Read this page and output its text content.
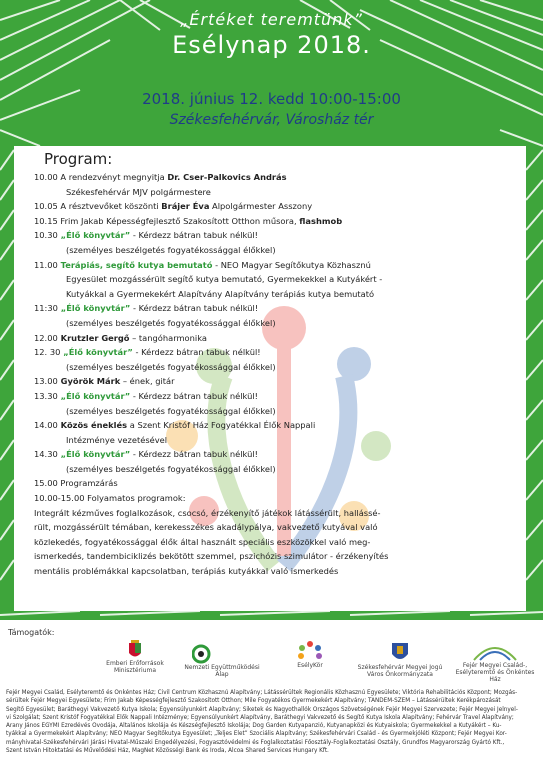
„Értéket teremtünk”
Esélynap 2018.
2018. június 12. kedd 10:00-15:00
Székesfehérvár, Városház tér
Program:
10.00 A rendezvényt megnyitja Dr. Cser-Palkovics András
Székesfehérvár MJV polgármestere
10.05 A résztvevőket köszönti Brájer Éva Alpolgármester Asszony
10.15 Frim Jakab Képességfejlesztő Szakosított Otthon műsora, flashmob
10.30 „Élő könyvtár” - Kérdezz bátran tabuk nélkül!
(személyes beszélgetés fogyatékossággal élőkkel)
11.00 Terápiás, segítő kutya bemutató - NEO Magyar Segítőkutya Közhasznú
Egyesület mozgássérült segítő kutya bemutató, Gyermekekkel a Kutyákért -
Kutyákkal a Gyermekekért Alapítvány Alapítvány terápiás kutya bemutató
11:30 „Élő könyvtár” - Kérdezz bátran tabuk nélkül!
(személyes beszélgetés fogyatékossággal élőkkel)
12.00 Krutzler Gergő – tangóharmonika
12. 30 „Élő könyvtár” - Kérdezz bátran tabuk nélkül!
(személyes beszélgetés fogyatékossággal élőkkel)
13.00 Györök Márk – ének, gitár
13.30 „Élő könyvtár” - Kérdezz bátran tabuk nélkül!
(személyes beszélgetés fogyatékossággal élőkkel)
14.00 Közös éneklés a Szent Kristóf Ház Fogyatékkal Élők Nappali
Intézménye vezetésével
14.30 „Élő könyvtár” - Kérdezz bátran tabuk nélkül!
(személyes beszélgetés fogyatékossággal élőkkel)
15.00 Programzárás
10.00-15.00 Folyamatos programok:
Integrált kézműves foglalkozások, csocsó, érzékenyítő játékok látássérült, hallássé-
rült, mozgássérült témában, kerekesszékes akadálypálya, vakvezető kutyával való
közlekedés, fogyatékossággal élők által használt speciális eszközökkel való meg-
ismerkedés, tandembiciklizés bekötött szemmel, pszichózis szimulátor - érzékenyítés
mentális problémákkal kapcsolatban, terápiás kutyákkal való ismerkedés
Támogatók:
Emberi Erőforrások Minisztériuma	Nemzeti Együttműködési Alap
EsélyKör	Székesfehérvár Megyei Jogú Város Önkormányzata
Fejér Megyei Család-, Esélyteremtő és Önkéntes Ház
Fejér Megyei Család, Esélyteremtő és Önkéntes Ház; Civil Centrum Közhasznú Alapítvány; Látássérültek Regionális Közhasznú Egyesülete; Viktória Rehabilitációs Központ; Mozgás-
sérültek Fejér Megyei Egyesülete; Frim Jakab Képességfejlesztő Szakosított Otthon; Mile Fogyatékos Gyermekekért Alapítvány; TANDEM-SZEM – Látássérültek Kerékpározását
Segítő Egyesület; Baráthegyi Vakvezető Kutya Iskola; Egyensúlyunkért Alapítvány; Siketek és Nagyothallók Országos Szövetségének Fejér Megyei Szervezete; Fejér Megyei Jelnyel-
vi Szolgálat; Szent Kristóf Fogyatékkal Élők Nappali Intézménye; Egyensúlyunkért Alapítvány, Baráthegyi Vakvezető és Segítő Kutya Iskola Alapítvány; Fehérvár Travel Alapítvány;
Arany János EGYMI Ezredévés Óvodája, Általános Iskolája és Készségfejlesztő Iskolája; Dog Garden Kutyapanzió, Kutyanapközi és Kutyaiskola; Gyermekekkel a Kutyákért – Ku-
tyákkal a Gyermekekért Alapítvány; NEO Magyar Segítőkutya Egyesület; „Teljes Élet” Szociális Alapítvány; Székesfehérvári Család - és Gyermekjóléti Központ; Fejér Megyei Kor-
mányhivatal-Székesfehérvári Járási Hivatal-Műszaki Engedélyezési, Fogyasztóvédelmi és Foglalkoztatási Főosztály-Foglalkoztatási Osztály, Grundfos Magyarország Gyártó Kft.,
Szent István Hitoktatási és Művelődési Ház, MagNet Közösségi Bank és Iroda, Alcoa Shared Services Hungary Kft.
